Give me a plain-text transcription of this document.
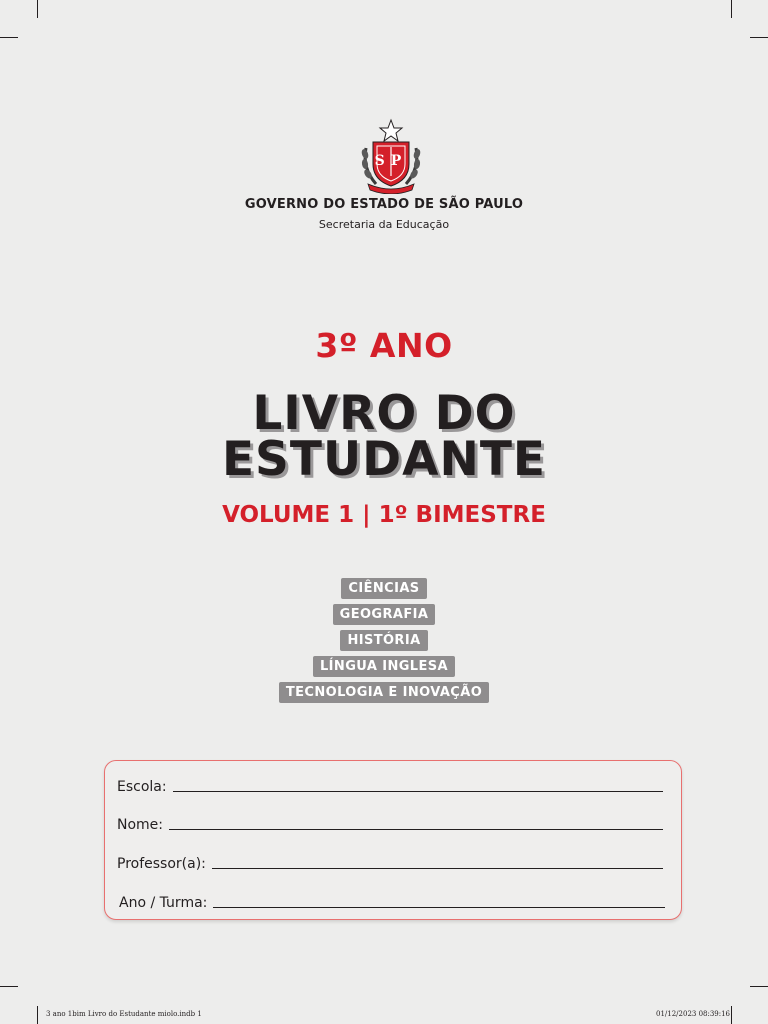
SP
GOVERNO DO ESTADO DE SÃO PAULO
Secretaria da Educação
3º ANO
LIVRO DO
ESTUDANTE
VOLUME 1 | 1º BIMESTRE
CIÊNCIAS
GEOGRAFIA
HISTÓRIA
LÍNGUA INGLESA
TECNOLOGIA E INOVAÇÃO
Escola:
Nome:
Professor(a):
Ano / Turma:
3 ano 1bim Livro do Estudante miolo.indb 1	01/12/2023 08:39:16
